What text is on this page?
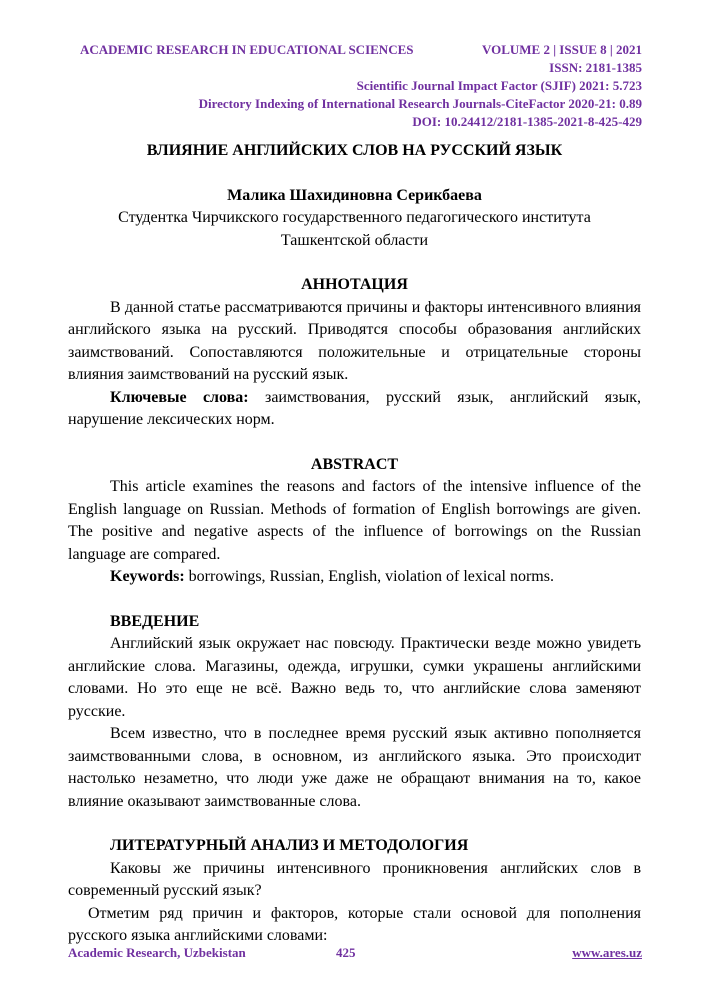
ACADEMIC RESEARCH IN EDUCATIONAL SCIENCES	VOLUME 2 | ISSUE 8 | 2021
ISSN: 2181-1385
Scientific Journal Impact Factor (SJIF) 2021: 5.723
Directory Indexing of International Research Journals-CiteFactor 2020-21: 0.89
DOI: 10.24412/2181-1385-2021-8-425-429

ВЛИЯНИЕ АНГЛИЙСКИХ СЛОВ НА РУССКИЙ ЯЗЫК

Малика Шахидиновна Серикбаева

Студентка Чирчикского государственного педагогического института

Ташкентской области

АННОТАЦИЯ

В данной статье рассматриваются причины и факторы интенсивного влияния английского языка на русский. Приводятся способы образования английских заимствований. Сопоставляются положительные и отрицательные стороны влияния заимствований на русский язык.

Ключевые слова: заимствования, русский язык, английский язык, нарушение лексических норм.

ABSTRACT

This article examines the reasons and factors of the intensive influence of the English language on Russian. Methods of formation of English borrowings are given. The positive and negative aspects of the influence of borrowings on the Russian language are compared.

Keywords: borrowings, Russian, English, violation of lexical norms.

ВВЕДЕНИЕ

Английский язык окружает нас повсюду. Практически везде можно увидеть английские слова. Магазины, одежда, игрушки, сумки украшены английскими словами. Но это еще не всё. Важно ведь то, что английские слова заменяют русские.

Всем известно, что в последнее время русский язык активно пополняется заимствованными слова, в основном, из английского языка. Это происходит настолько незаметно, что люди уже даже не обращают внимания на то, какое влияние оказывают заимствованные слова.

ЛИТЕРАТУРНЫЙ АНАЛИЗ И МЕТОДОЛОГИЯ

Каковы же причины интенсивного проникновения английских слов в современный русский язык?

Отметим ряд причин и факторов, которые стали основой для пополнения русского языка английскими словами:

Academic Research, Uzbekistan	425	www.ares.uz
